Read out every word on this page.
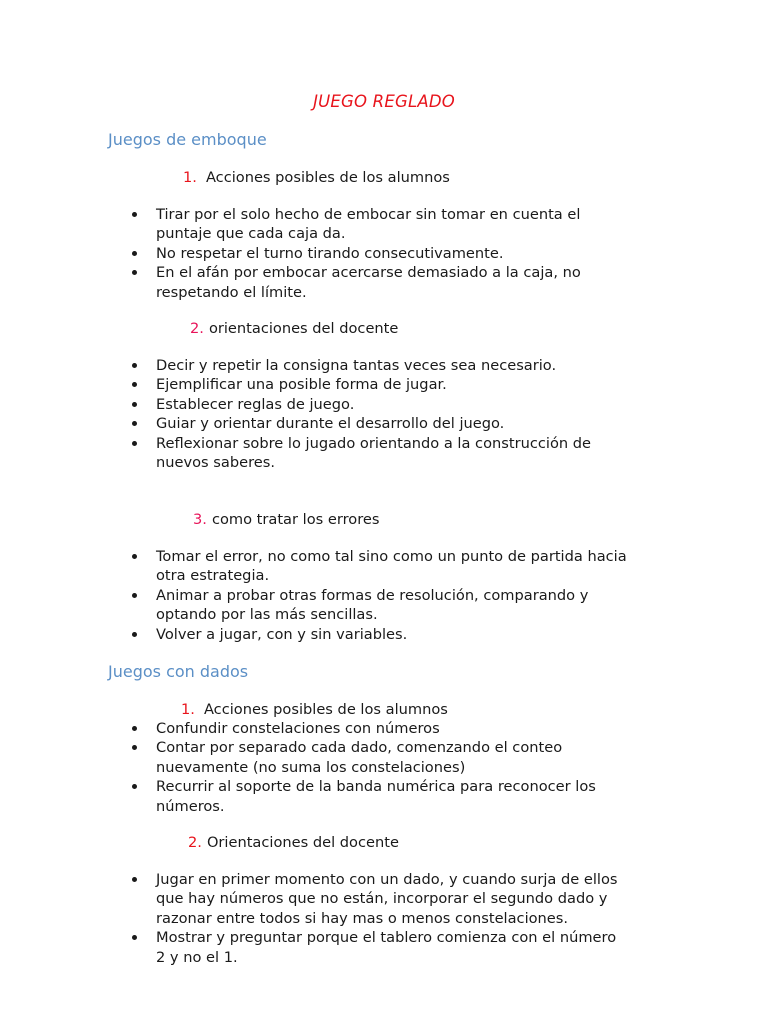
JUEGO REGLADO
Juegos de emboque
1. Acciones posibles de los alumnos
Tirar por el solo hecho de embocar sin tomar en cuenta el puntaje que cada caja da.
No respetar el turno tirando consecutivamente.
En el afán por embocar acercarse demasiado a la caja, no respetando el límite.
2. orientaciones del docente
Decir y repetir la consigna tantas veces sea necesario.
Ejemplificar una posible forma de jugar.
Establecer reglas de juego.
Guiar y orientar durante el desarrollo del juego.
Reflexionar sobre lo jugado orientando a la construcción de nuevos saberes.
3. como tratar los errores
Tomar el error, no como tal sino como un punto de partida hacia otra estrategia.
Animar a probar otras formas de resolución, comparando y optando por las más sencillas.
Volver a jugar, con y sin variables.
Juegos con dados
1. Acciones posibles de los alumnos
Confundir constelaciones con números
Contar por separado cada dado, comenzando el conteo nuevamente (no suma los constelaciones)
Recurrir al soporte de la banda numérica para reconocer los números.
2. Orientaciones del docente
Jugar en primer momento con un dado, y cuando surja de ellos que hay números que no están, incorporar el segundo dado y razonar entre todos si hay mas o menos constelaciones.
Mostrar y preguntar porque el tablero comienza con el número 2 y no el 1.
